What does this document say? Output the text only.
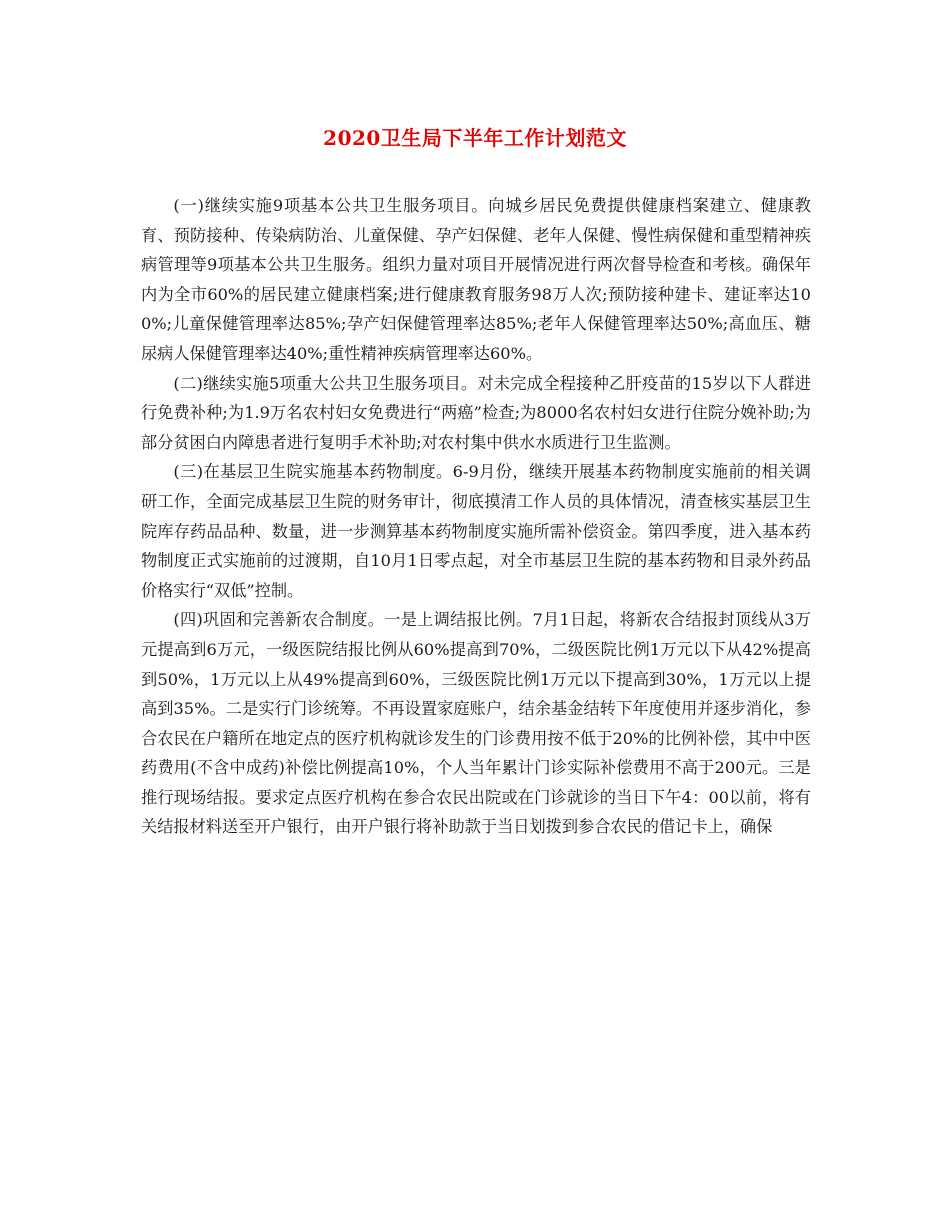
2020卫生局下半年工作计划范文

(一)继续实施9项基本公共卫生服务项目。向城乡居民免费提供健康档案建立、健康教育、预防接种、传染病防治、儿童保健、孕产妇保健、老年人保健、慢性病保健和重型精神疾病管理等9项基本公共卫生服务。组织力量对项目开展情况进行两次督导检查和考核。确保年内为全市60%的居民建立健康档案;进行健康教育服务98万人次;预防接种建卡、建证率达100%;儿童保健管理率达85%;孕产妇保健管理率达85%;老年人保健管理率达50%;高血压、糖尿病人保健管理率达40%;重性精神疾病管理率达60%。

(二)继续实施5项重大公共卫生服务项目。对未完成全程接种乙肝疫苗的15岁以下人群进行免费补种;为1.9万名农村妇女免费进行“两癌”检查;为8000名农村妇女进行住院分娩补助;为部分贫困白内障患者进行复明手术补助;对农村集中供水水质进行卫生监测。

(三)在基层卫生院实施基本药物制度。6-9月份，继续开展基本药物制度实施前的相关调研工作，全面完成基层卫生院的财务审计，彻底摸清工作人员的具体情况，清查核实基层卫生院库存药品品种、数量，进一步测算基本药物制度实施所需补偿资金。第四季度，进入基本药物制度正式实施前的过渡期，自10月1日零点起，对全市基层卫生院的基本药物和目录外药品价格实行“双低”控制。

(四)巩固和完善新农合制度。一是上调结报比例。7月1日起，将新农合结报封顶线从3万元提高到6万元，一级医院结报比例从60%提高到70%，二级医院比例1万元以下从42%提高到50%，1万元以上从49%提高到60%，三级医院比例1万元以下提高到30%，1万元以上提高到35%。二是实行门诊统筹。不再设置家庭账户，结余基金结转下年度使用并逐步消化，参合农民在户籍所在地定点的医疗机构就诊发生的门诊费用按不低于20%的比例补偿，其中中医药费用(不含中成药)补偿比例提高10%，个人当年累计门诊实际补偿费用不高于200元。三是推行现场结报。要求定点医疗机构在参合农民出院或在门诊就诊的当日下午4：00以前，将有关结报材料送至开户银行，由开户银行将补助款于当日划拨到参合农民的借记卡上，确保
